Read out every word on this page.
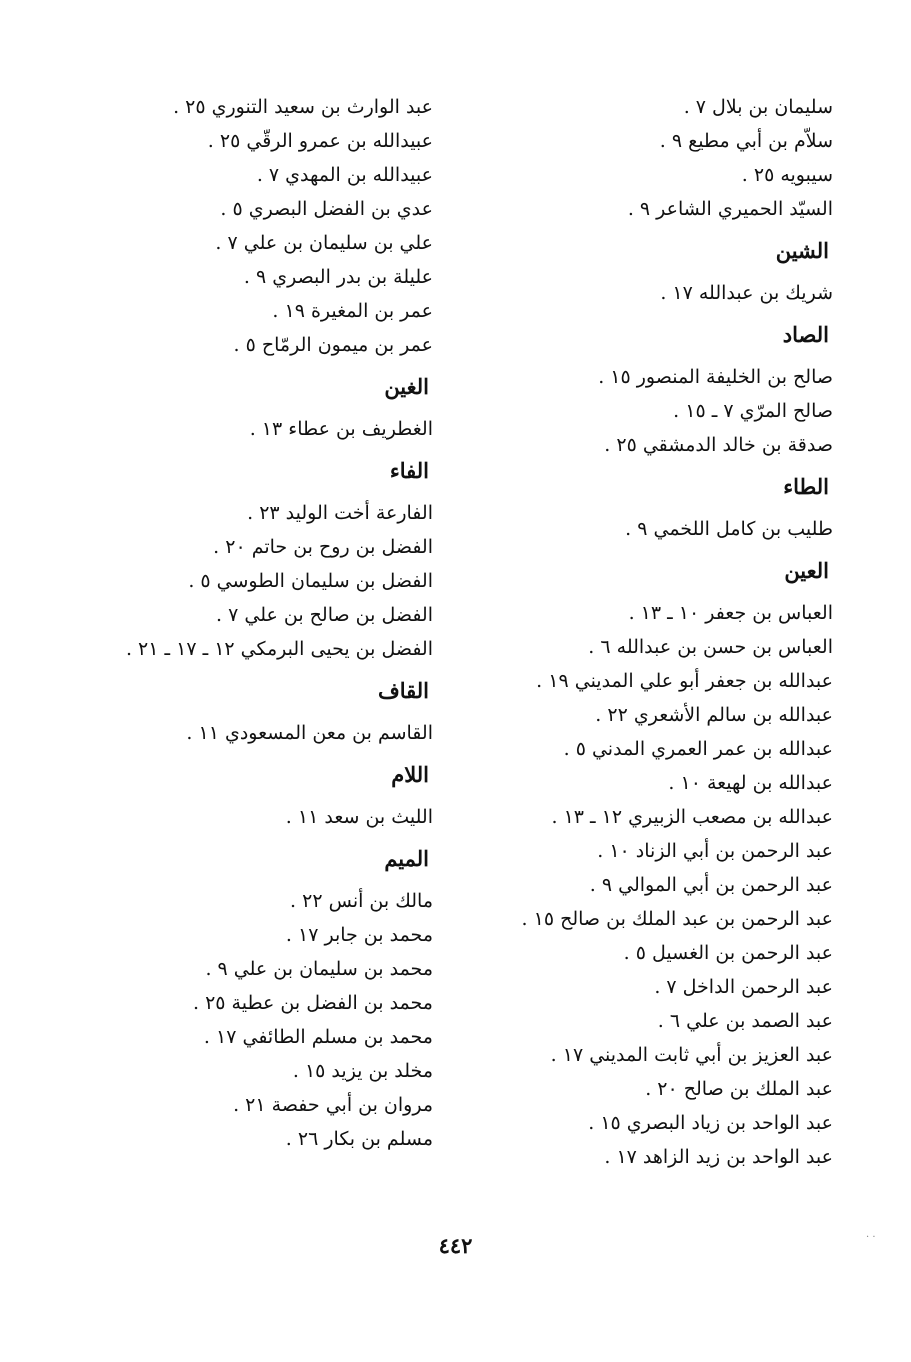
سليمان بن بلال ٧ .
سلاّم بن أبي مطيع ٩ .
سيبويه ٢٥ .
السيّد الحميري الشاعر ٩ .
الشين
شريك بن عبدالله ١٧ .
الصاد
صالح بن الخليفة المنصور ١٥ .
صالح المرّي ٧ ـ ١٥ .
صدقة بن خالد الدمشقي ٢٥ .
الطاء
طليب بن كامل اللخمي ٩ .
العين
العباس بن جعفر ١٠ ـ ١٣ .
العباس بن حسن بن عبدالله ٦ .
عبدالله بن جعفر أبو علي المديني ١٩ .
عبدالله بن سالم الأشعري ٢٢ .
عبدالله بن عمر العمري المدني ٥ .
عبدالله بن لهيعة ١٠ .
عبدالله بن مصعب الزبيري ١٢ ـ ١٣ .
عبد الرحمن بن أبي الزناد ١٠ .
عبد الرحمن بن أبي الموالي ٩ .
عبد الرحمن بن عبد الملك بن صالح ١٥ .
عبد الرحمن بن الغسيل ٥ .
عبد الرحمن الداخل ٧ .
عبد الصمد بن علي ٦ .
عبد العزيز بن أبي ثابت المديني ١٧ .
عبد الملك بن صالح ٢٠ .
عبد الواحد بن زياد البصري ١٥ .
عبد الواحد بن زيد الزاهد ١٧ .
عبد الوارث بن سعيد التنوري ٢٥ .
عبيدالله بن عمرو الرقّي ٢٥ .
عبيدالله بن المهدي ٧ .
عدي بن الفضل البصري ٥ .
علي بن سليمان بن علي ٧ .
عليلة بن بدر البصري ٩ .
عمر بن المغيرة ١٩ .
عمر بن ميمون الرمّاح ٥ .
الغين
الغطريف بن عطاء ١٣ .
الفاء
الفارعة أخت الوليد ٢٣ .
الفضل بن روح بن حاتم ٢٠ .
الفضل بن سليمان الطوسي ٥ .
الفضل بن صالح بن علي ٧ .
الفضل بن يحيى البرمكي ١٢ ـ ١٧ ـ ٢١ .
القاف
القاسم بن معن المسعودي ١١ .
اللام
الليث بن سعد ١١ .
الميم
مالك بن أنس ٢٢ .
محمد بن جابر ١٧ .
محمد بن سليمان بن علي ٩ .
محمد بن الفضل بن عطية ٢٥ .
محمد بن مسلم الطائفي ١٧ .
مخلد بن يزيد ١٥ .
مروان بن أبي حفصة ٢١ .
مسلم بن بكار ٢٦ .
٤٤٢	· ·
